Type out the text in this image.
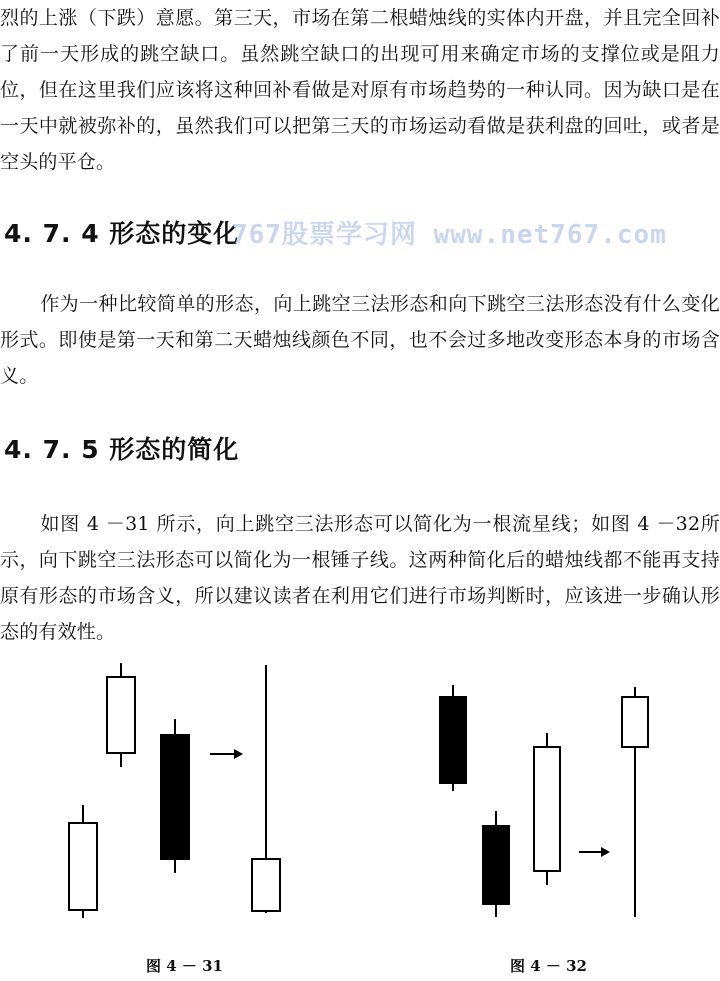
烈的上涨（下跌）意愿。第三天，市场在第二根蜡烛线的实体内开盘，并且完全回补了前一天形成的跳空缺口。虽然跳空缺口的出现可用来确定市场的支撑位或是阻力位，但在这里我们应该将这种回补看做是对原有市场趋势的一种认同。因为缺口是在一天中就被弥补的，虽然我们可以把第三天的市场运动看做是获利盘的回吐，或者是空头的平仓。
4. 7. 4 形态的变化
767股票学习网 www.net767.com
作为一种比较简单的形态，向上跳空三法形态和向下跳空三法形态没有什么变化形式。即使是第一天和第二天蜡烛线颜色不同，也不会过多地改变形态本身的市场含义。
4. 7. 5 形态的简化
如图 4 －31 所示，向上跳空三法形态可以简化为一根流星线；如图 4 －32所示，向下跳空三法形态可以简化为一根锤子线。这两种简化后的蜡烛线都不能再支持原有形态的市场含义，所以建议读者在利用它们进行市场判断时，应该进一步确认形态的有效性。
图 4 － 31	图 4 － 32
